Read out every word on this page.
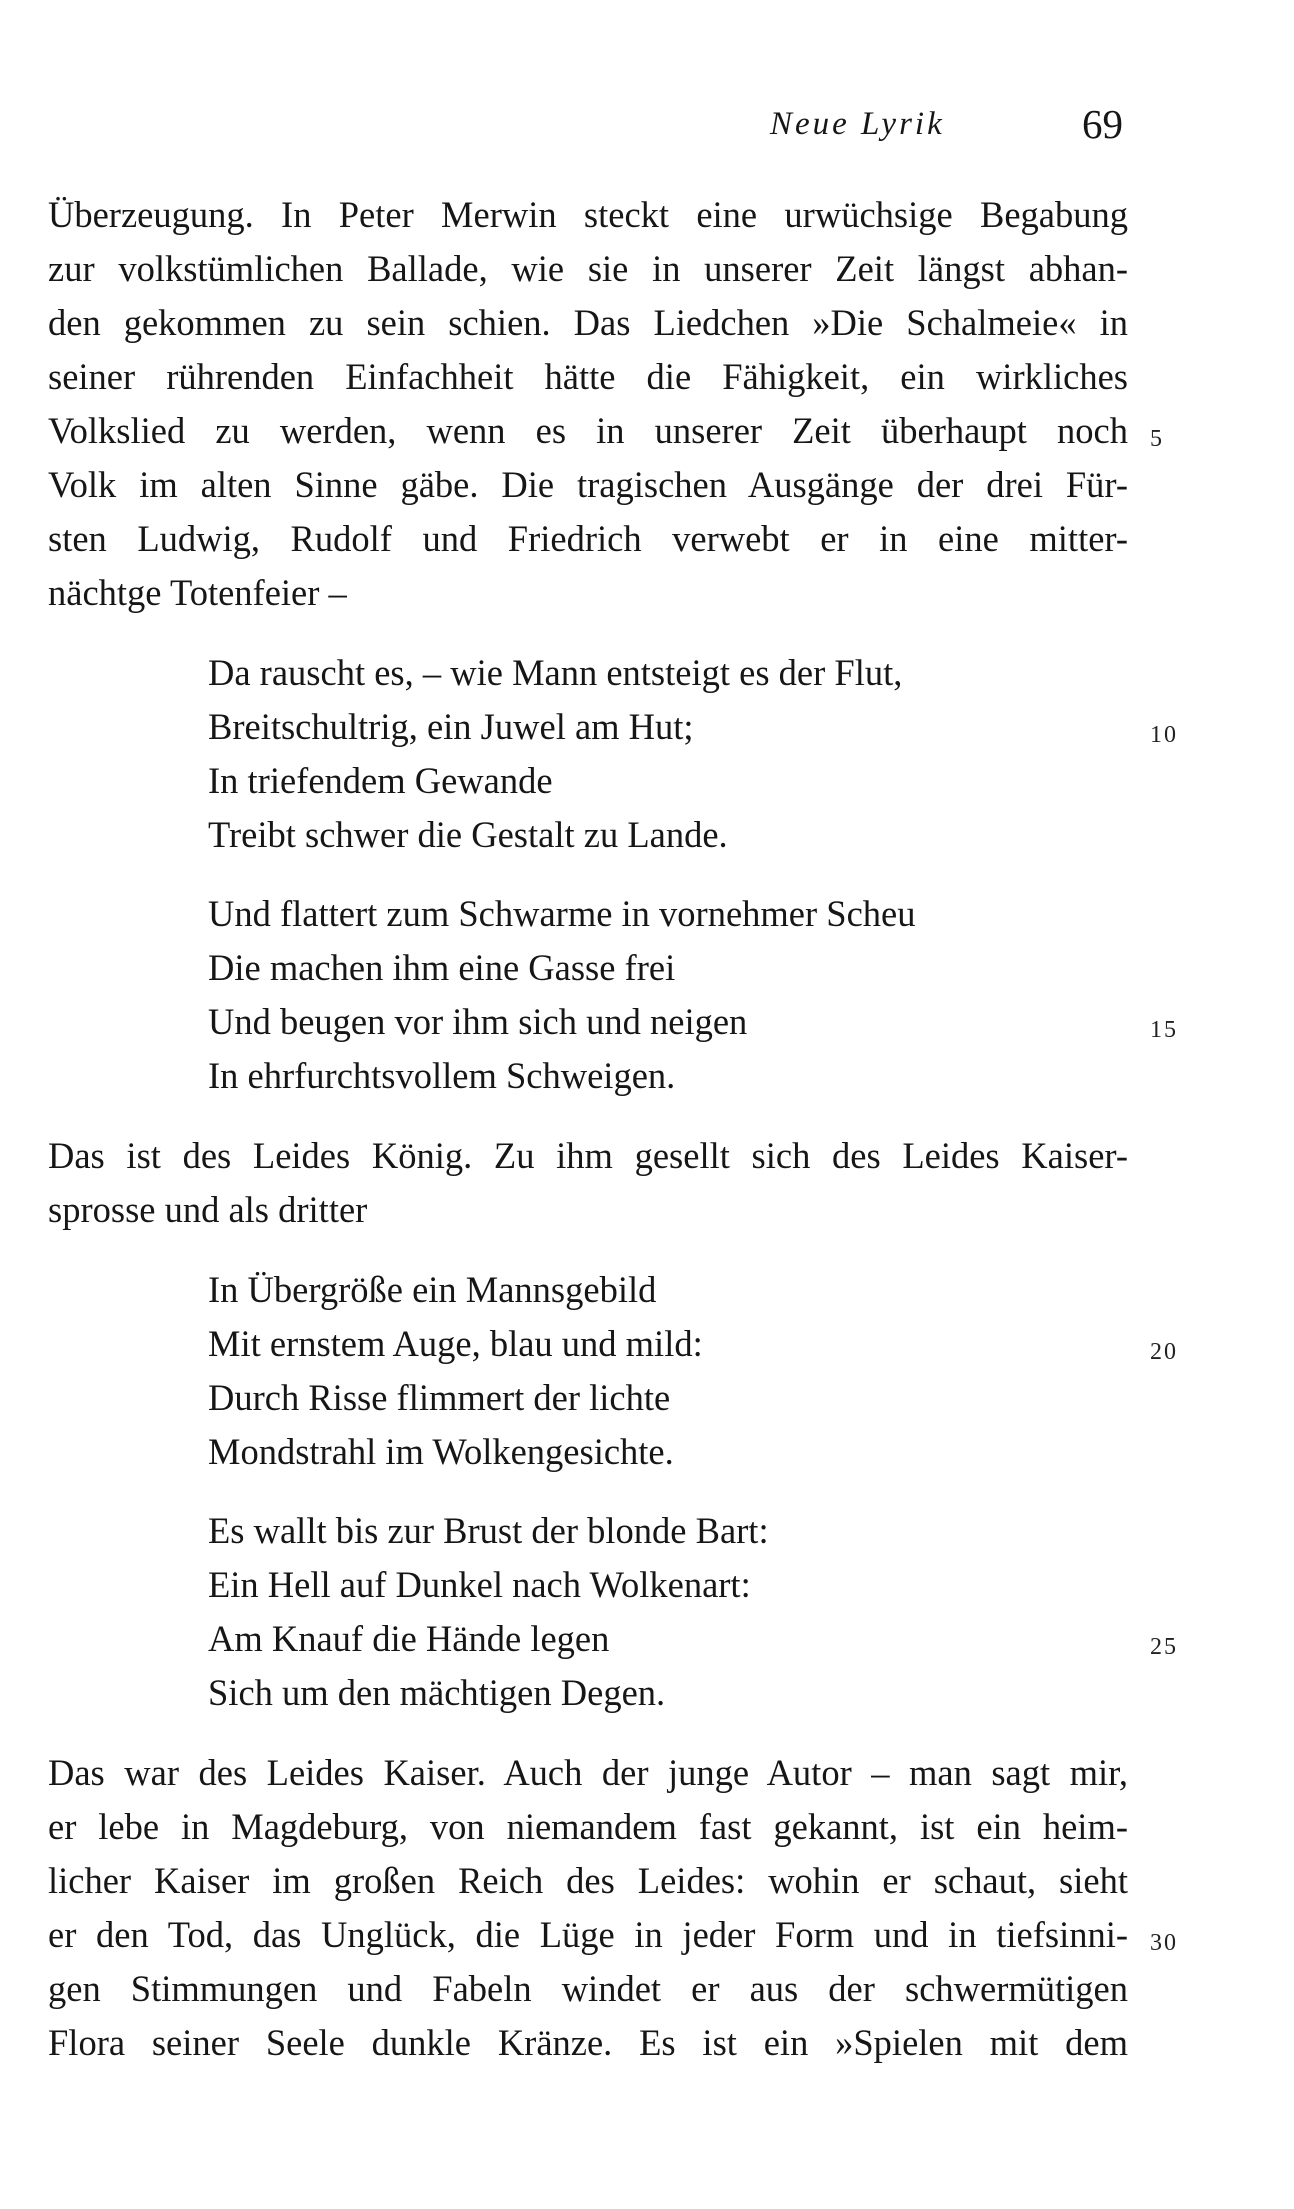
Neue Lyrik	69
Überzeugung. In Peter Merwin steckt eine urwüchsige Begabung
zur volkstümlichen Ballade, wie sie in unserer Zeit längst abhan-
den gekommen zu sein schien. Das Liedchen »Die Schalmeie« in
seiner rührenden Einfachheit hätte die Fähigkeit, ein wirkliches
Volkslied zu werden, wenn es in unserer Zeit überhaupt noch
Volk im alten Sinne gäbe. Die tragischen Ausgänge der drei Für-
sten Ludwig, Rudolf und Friedrich verwebt er in eine mitter-
nächtge Totenfeier –
Da rauscht es, – wie Mann entsteigt es der Flut,
Breitschultrig, ein Juwel am Hut;
In triefendem Gewande
Treibt schwer die Gestalt zu Lande.
Und flattert zum Schwarme in vornehmer Scheu
Die machen ihm eine Gasse frei
Und beugen vor ihm sich und neigen
In ehrfurchtsvollem Schweigen.
Das ist des Leides König. Zu ihm gesellt sich des Leides Kaiser-
sprosse und als dritter
In Übergröße ein Mannsgebild
Mit ernstem Auge, blau und mild:
Durch Risse flimmert der lichte
Mondstrahl im Wolkengesichte.
Es wallt bis zur Brust der blonde Bart:
Ein Hell auf Dunkel nach Wolkenart:
Am Knauf die Hände legen
Sich um den mächtigen Degen.
Das war des Leides Kaiser. Auch der junge Autor – man sagt mir,
er lebe in Magdeburg, von niemandem fast gekannt, ist ein heim-
licher Kaiser im großen Reich des Leides: wohin er schaut, sieht
er den Tod, das Unglück, die Lüge in jeder Form und in tiefsinni-
gen Stimmungen und Fabeln windet er aus der schwermütigen
Flora seiner Seele dunkle Kränze. Es ist ein »Spielen mit dem
5
10
15
20
25
30
